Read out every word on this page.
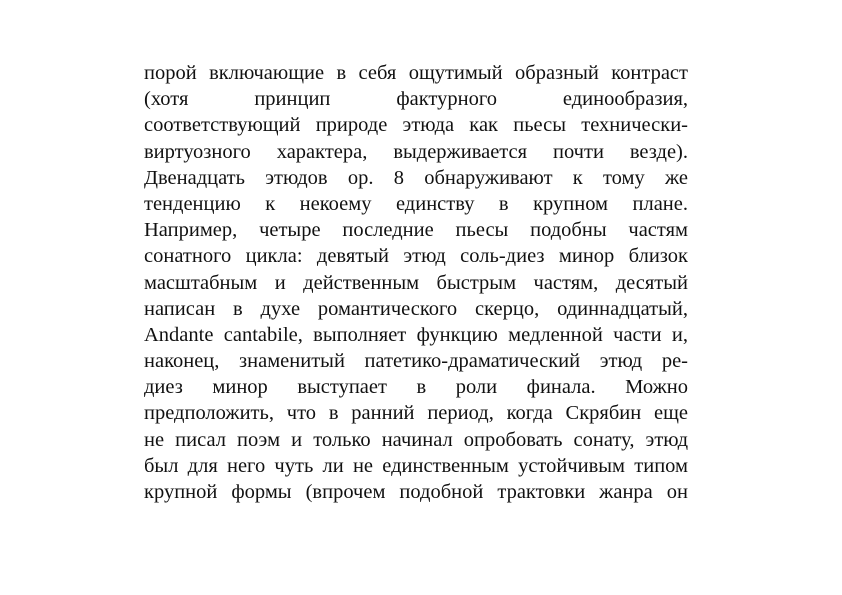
порой включающие в себя ощутимый образный контраст
(хотя принцип фактурного единообразия,
соответствующий природе этюда как пьесы технически-
виртуозного характера, выдерживается почти везде).
Двенадцать этюдов ор. 8 обнаруживают к тому же
тенденцию к некоему единству в крупном плане.
Например, четыре последние пьесы подобны частям
сонатного цикла: девятый этюд соль-диез минор близок
масштабным и действенным быстрым частям, десятый
написан в духе романтического скерцо, одиннадцатый,
Andante cantabile, выполняет функцию медленной части и,
наконец, знаменитый патетико-драматический этюд ре-
диез минор выступает в роли финала. Можно
предположить, что в ранний период, когда Скрябин еще
не писал поэм и только начинал опробовать сонату, этюд
был для него чуть ли не единственным устойчивым типом
крупной формы (впрочем подобной трактовки жанра он
